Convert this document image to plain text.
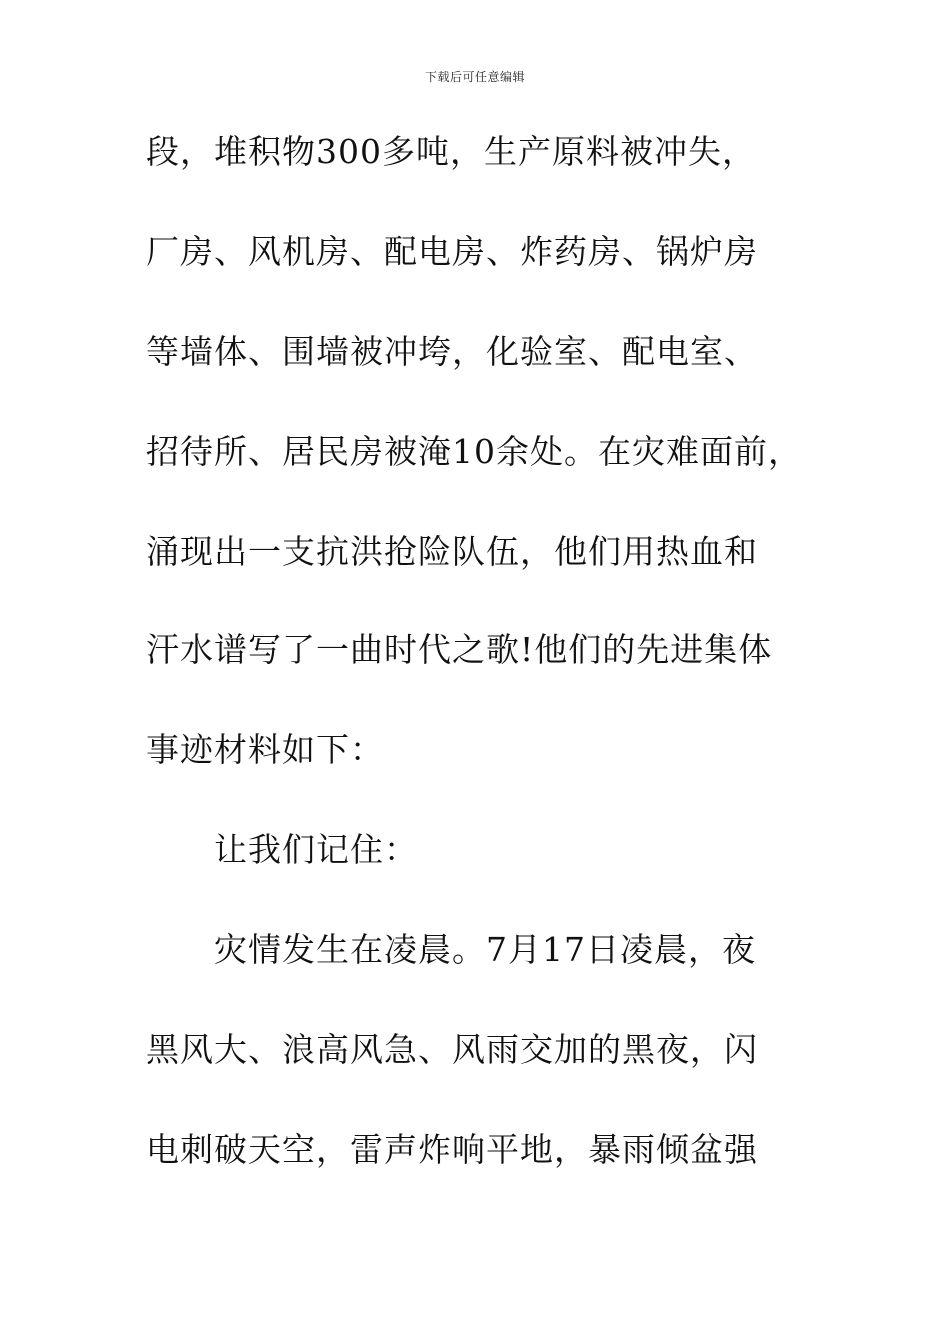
下载后可任意编辑
段，堆积物300多吨，生产原料被冲失，
厂房、风机房、配电房、炸药房、锅炉房
等墙体、围墙被冲垮，化验室、配电室、
招待所、居民房被淹10余处。在灾难面前，
涌现出一支抗洪抢险队伍，他们用热血和
汗水谱写了一曲时代之歌!他们的先进集体
事迹材料如下：
让我们记住：
灾情发生在凌晨。7月17日凌晨，夜
黑风大、浪高风急、风雨交加的黑夜，闪
电刺破天空，雷声炸响平地，暴雨倾盆强
